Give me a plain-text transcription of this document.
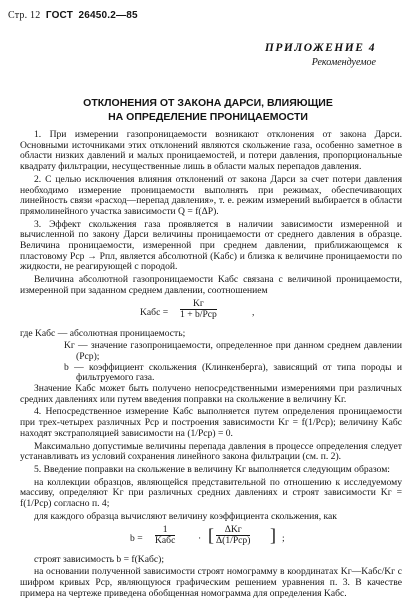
Стр. 12 ГОСТ 26450.2—85
ПРИЛОЖЕНИЕ 4
Рекомендуемое
ОТКЛОНЕНИЯ ОТ ЗАКОНА ДАРСИ, ВЛИЯЮЩИЕ
НА ОПРЕДЕЛЕНИЕ ПРОНИЦАЕМОСТИ
1. При измерении газопроницаемости возникают отклонения от закона Дарси. Основными источниками этих отклонений являются скольжение газа, особенно заметное в области низких давлений и малых проницаемостей, и потери давления, пропорциональные квадрату фильтрации, несущественные лишь в области малых перепадов давления.
2. С целью исключения влияния отклонений от закона Дарси за счет потери давления необходимо измерение проницаемости выполнять при режимах, обеспечивающих линейность связи «расход—перепад давления», т. е. режим измерений выбирается в области прямолинейного участка зависимости Q = f(ΔP).
3. Эффект скольжения газа проявляется в наличии зависимости измеренной и вычисленной по закону Дарси величины проницаемости от среднего давления в образце. Величина проницаемости, измеренной при среднем давлении, приближающемся к пластовому Pср → Pпл, является абсолютной (Kабс) и близка к величине проницаемости по жидкости, не реагирующей с породой.
Величина абсолютной газопроницаемости Kабс связана с величиной проницаемости, измеренной при заданном среднем давлении, соотношением
Kабс =
Kг
1 + b/Pср	,
где Kабс — абсолютная проницаемость;
Kг — значение газопроницаемости, определенное при данном среднем давлении (Pср);
b — коэффициент скольжения (Клинкенберга), зависящий от типа породы и фильтруемого газа.
Значение Kабс может быть получено непосредственными измерениями при различных средних давлениях или путем введения поправки на скольжение в величину Kг.
4. Непосредственное измерение Kабс выполняется путем определения проницаемости при трех-четырех различных Pср и построения зависимости Kг = f(1/Pср); величину Kабс находят экстраполяцией зависимости на (1/Pср) = 0.
Максимально допустимые величины перепада давления в процессе определения следует устанавливать из условий сохранения линейного закона фильтрации (см. п. 2).
5. Введение поправки на скольжение в величину Kг выполняется следующим образом:
на коллекции образцов, являющейся представительной по отношению к исследуемому массиву, определяют Kг при различных средних давлениях и строят зависимости Kг = f(1/Pср) согласно п. 4;
для каждого образца вычисляют величину коэффициента скольжения, как
b =
1
Kабс · [	ΔKг
Δ(1/Pср) ] ;
строят зависимость b = f(Kабс);
на основании полученной зависимости строят номограмму в координатах Kг—Kабс/Kг с шифром кривых Pср, являющуюся графическим решением уравнения п. 3. В качестве примера на чертеже приведена обобщенная номограмма для определения Kабс.
